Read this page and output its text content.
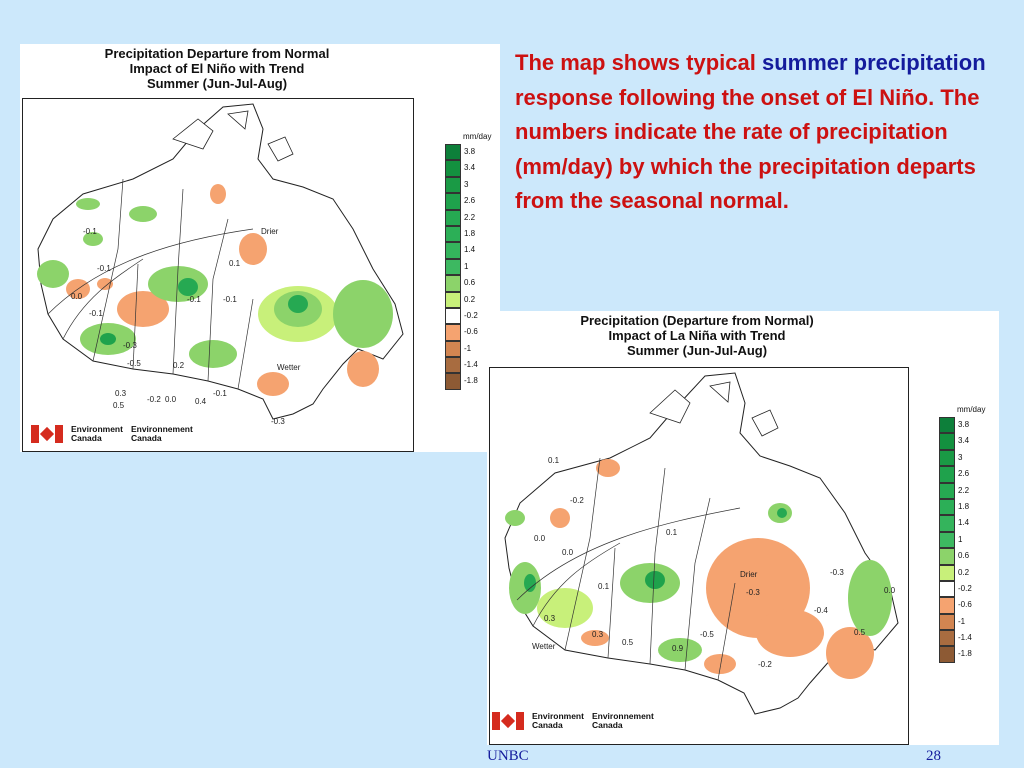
Precipitation Departure from Normal
Impact of El Niño with Trend
Summer (Jun-Jul-Aug)
Drier
Wetter
-0.1
-0.1
-0.1
0.0
-0.3
-0.5
-0.1
0.1
0.2
0.4
-0.2
-0.3
0.0
0.3	-0.1
0.5
-0.1
Environment
Canada
Environnement
Canada
mm/day
3.8
3.4
3
2.6
2.2
1.8
1.4
1
0.6
0.2
-0.2
-0.6
-1
-1.4
-1.8
Precipitation (Departure from Normal)
Impact of La Niña with Trend
Summer (Jun-Jul-Aug)
Drier
Wetter
0.1
-0.2
0.0
0.0
0.1
0.3
0.5
0.1
0.3
-0.3
-0.5
-0.4
0.5
0.9
-0.2
-0.3
0.0
Environment
Canada
Environnement
Canada
mm/day
3.8
3.4
3
2.6
2.2
1.8
1.4
1
0.6
0.2
-0.2
-0.6
-1
-1.4
-1.8

The map shows typical summer precipitation response following the onset of El Niño. The numbers indicate the rate of precipitation (mm/day) by which the precipitation departs from the seasonal normal.

UNBC	28
